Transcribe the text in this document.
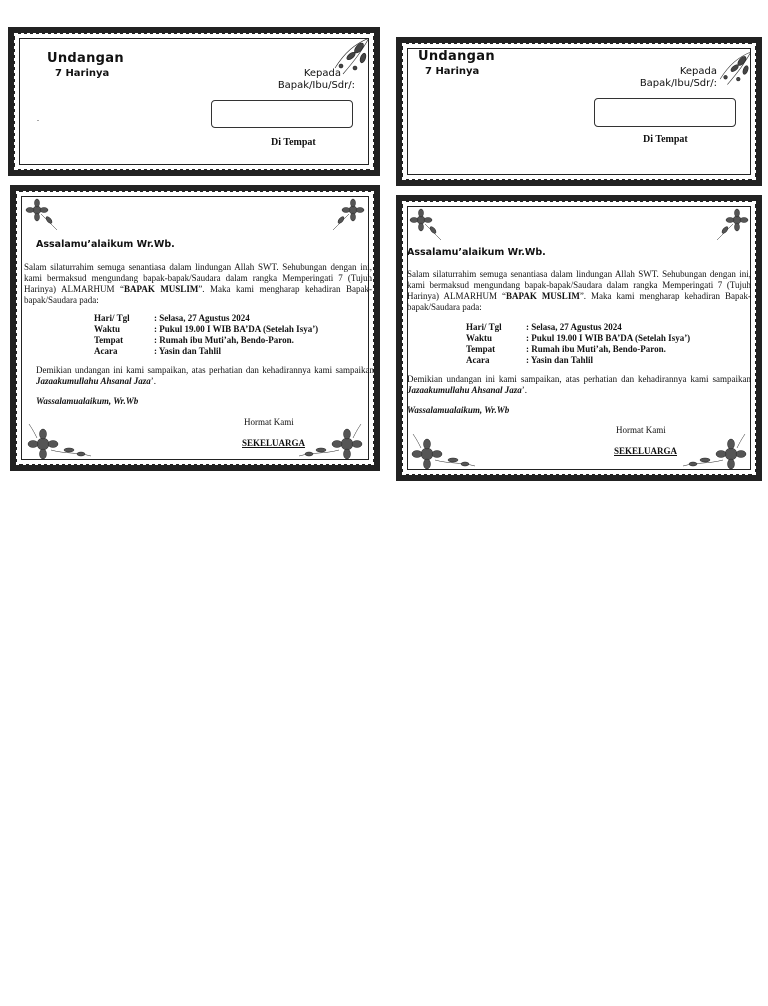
Undangan
7 Harinya	Kepada
Bapak/Ibu/Sdr/:
Di Tempat
.
Undangan
7 Harinya	Kepada
Bapak/Ibu/Sdr/:
Di Tempat
Assalamu’alaikum Wr.Wb.
Salam silaturrahim semuga senantiasa dalam lindungan Allah SWT. Sehubungan dengan ini, kami bermaksud mengundang bapak-bapak/Saudara dalam rangka Memperingati 7 (Tujuh Harinya) ALMARHUM “BAPAK MUSLIM”. Maka kami mengharap kehadiran Bapak-bapak/Saudara pada:
Hari/ Tgl	: Selasa, 27 Agustus 2024
Waktu	: Pukul 19.00 I WIB BA’DA (Setelah Isya’)
Tempat	: Rumah ibu Muti’ah, Bendo-Paron.
Acara	: Yasin dan Tahlil
Demikian undangan ini kami sampaikan, atas perhatian dan kehadirannya kami sampaikan Jazaakumullahu Ahsanal Jaza’.
Wassalamualaikum, Wr.Wb
Hormat Kami
SEKELUARGA
Assalamu’alaikum Wr.Wb.
Salam silaturrahim semuga senantiasa dalam lindungan Allah SWT. Sehubungan dengan ini, kami bermaksud mengundang bapak-bapak/Saudara dalam rangka Memperingati 7 (Tujuh Harinya) ALMARHUM “BAPAK MUSLIM”. Maka kami mengharap kehadiran Bapak-bapak/Saudara pada:
Hari/ Tgl	: Selasa, 27 Agustus 2024
Waktu	: Pukul 19.00 I WIB BA’DA (Setelah Isya’)
Tempat	: Rumah ibu Muti’ah, Bendo-Paron.
Acara	: Yasin dan Tahlil
Demikian undangan ini kami sampaikan, atas perhatian dan kehadirannya kami sampaikan Jazaakumullahu Ahsanal Jaza’.
Wassalamualaikum, Wr.Wb
Hormat Kami
SEKELUARGA
